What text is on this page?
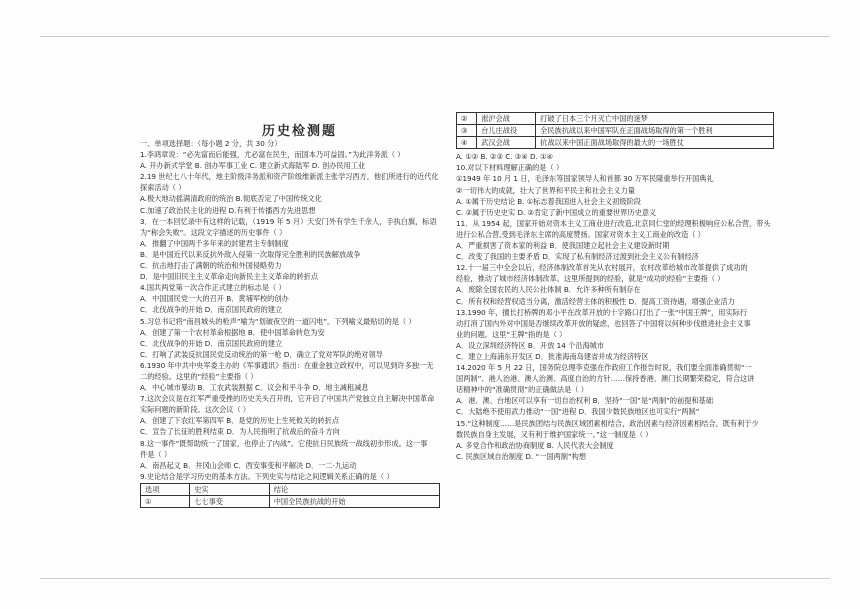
历史检测题

一、单项选择题：（每小题 2 分，共 30 分）

1.李鸿章说：“必先富而后能强，尤必富在民生，而国本乃可益固。”为此洋务派（ ）

A. 开办新式学堂 B. 创办军事工业 C. 建立新式海陆军 D. 创办民用工业

2.19 世纪七八十年代，地主阶级洋务派和资产阶级维新派主张学习西方，他们所进行的近代化

探索活动（ ）

A.极大地动摇满清政府的统治 B.彻底否定了中国传统文化

C.加速了政治民主化的进程 D.有利于传播西方先进思想

3．在一本回忆录中有这样的记载，（1919 年 5 月）天安门外有学生千余人，手执白旗，标语

为“称会失败”。这段文字描述的历史事件（ ）

A．推翻了中国两千多年来的封建君主专制制度

B．是中国近代以来反抗外敌入侵第一次取得完全胜利的民族解放战争

C．抗击地打击了满朝的统治和外国侵略势力

D．是中国旧民主主义革命走向新民主主义革命的转折点

4.国共两党第一次合作正式建立的标志是（ ）

A．中国国民党一大的召开 B．黄埔军校的创办

C．北伐战争的开始 D．南京国民政府的建立

5.习总书记将“南昌城头的枪声”喻为“划破夜空的一道闪电”。下列喻义最贴切的是（ ）

A．创建了第一个农村革命根据地 B．使中国革命转危为安

C．北伐战争的开始 D．南京国民政府的建立

C．打响了武装反抗国民党反动统治的第一枪 D．确立了党对军队的绝对领导

6.1930 年中共中央军委主办的《军事通讯》指出：在重金独立政权中，可以见到许多独一无

二的经验。这里的“经验”主要指（ ）

A．中心城市暴动 B．工农武装割据 C．议会和平斗争 D．地主减租减息

7.这次会议是在红军严重受挫的历史关头召开的，它开启了中国共产党独立自主解决中国革命

实际问题的新阶段。这次会议（ ）

A．创建了下农红军第四军 B．是党的历史上生死攸关的转折点

C．宣告了长征的胜利结束 D．为人民指明了抗战后的奋斗方向

8.这一事件“既帮助统一了国家，也停止了内战”。它使抗日民族统一战线初步形成。这一事

件是（ ）

A．南昌起义 B．井冈山会师 C．西安事变和平解决 D．一二·九运动

9.史论结合是学习历史的基本方法。下列史实与结论之间逻辑关系正确的是（ ）

选项	史实	结论
①	七七事变	中国全民族抗战的开始
②	淞沪会战	打破了日本三个月灭亡中国的迷梦
③	台儿庄战役	全民族抗战以来中国军队在正面战场取得的第一个胜利
④	武汉会战	抗战以来中国正面战场取得的最大的一场胜仗

A. ①② B. ②③ C. ③④ D. ①④

10.对以下材料理解正确的是（ ）

①1949 年 10 月 1 日，毛泽东等国家领导人和首都 30 万军民隆重举行开国典礼

②一切伟大的成就，壮大了世界和平民主和社会主义力量

A. ①属于历史结论 B. ①标志着我国进入社会主义初级阶段

C. ②属于历史史实 D. ②肯定了新中国成立的重要世界历史意义

11．从 1954 起，国家开始对资本主义工商业进行改造,北京同仁堂的经理积极响应公私合营，带头

进行公私合营,受到毛泽东主席的高度赞扬。国家对资本主义工商业的改造（ ）

A．严重损害了资本家的利益 B．使我国建立起社会主义建设新时期

C．改变了我国的主要矛盾 D．实现了私有制经济过渡到社会主义公有制经济

12.十一届三中全会以后，经济体制改革首先从农村展开，农村改革给城市改革提供了成功的

经验，推动了城市经济体制改革。这里所提到的经验，就是“成功的经验”主要指（ ）

A．废除全国农民的人民公社体制 B．允许多种所有制存在

C．所有权和经营权适当分离，激活经营主体的积极性 D．提高工资待遇，增强企业活力

13.1990 年，擅长打桥牌的邓小平在改革开放的十字路口打出了一张“中国王牌”，用实际行

动打消了国内外对中国是否继续改革开放的疑虑，也回答了中国将以何种步伐推进社会主义事

业的问题。这里“王牌”指的是（ ）

A．设立深圳经济特区 B．开放 14 个沿海城市

C．建立上海浦东开发区 D．批准海南岛建省并成为经济特区

14.2020 年 5 月 22 日，国务院总理李克强在作政府工作报告时说，我们要全面准确贯彻“一

国两制”、港人治港、澳人治澳、高度自治的方针……保持香港、澳门长期繁荣稳定，符合这讲

话精神中的“准确贯彻”的正确做法是（ ）

A．港、澳、台地区可以享有一切自治权利 B．坚持“一国”是“两制”的前提和基础

C．大陆绝不使用武力推动“一国”进程 D．我国少数民族地区也可实行“两制”

15.“这种制度……是民族团结与民族区域团素相结合，政治因素与经济因素相结合。既有利于少

数民族自身主发展，又有利于维护国家统一。”这一制度是（ ）

A. 多党合作和政治协商制度 B. 人民代表大会制度

C. 民族区域自治制度 D. “一国两制”构想
